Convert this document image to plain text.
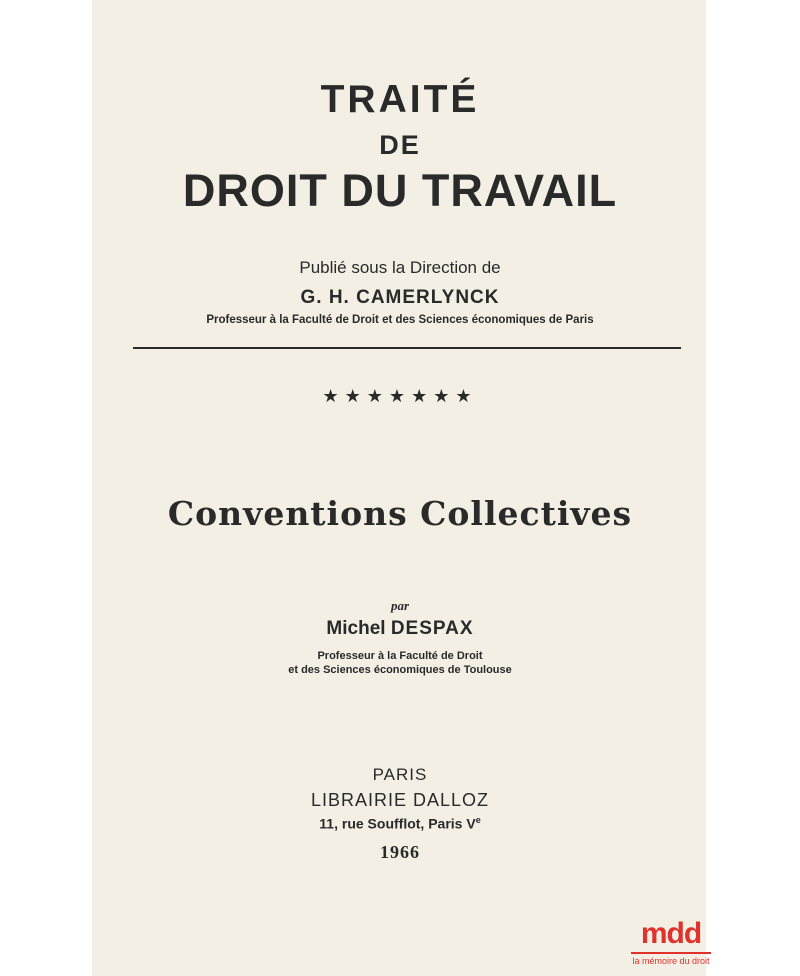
TRAITÉ
DE
DROIT DU TRAVAIL
Publié sous la Direction de
G. H. CAMERLYNCK
Professeur à la Faculté de Droit et des Sciences économiques de Paris
★★★★★★★
Conventions Collectives
par
Michel DESPAX
Professeur à la Faculté de Droit
et des Sciences économiques de Toulouse
PARIS
LIBRAIRIE DALLOZ
11, rue Soufflot, Paris Ve
1966
mdd
la mémoire du droit
